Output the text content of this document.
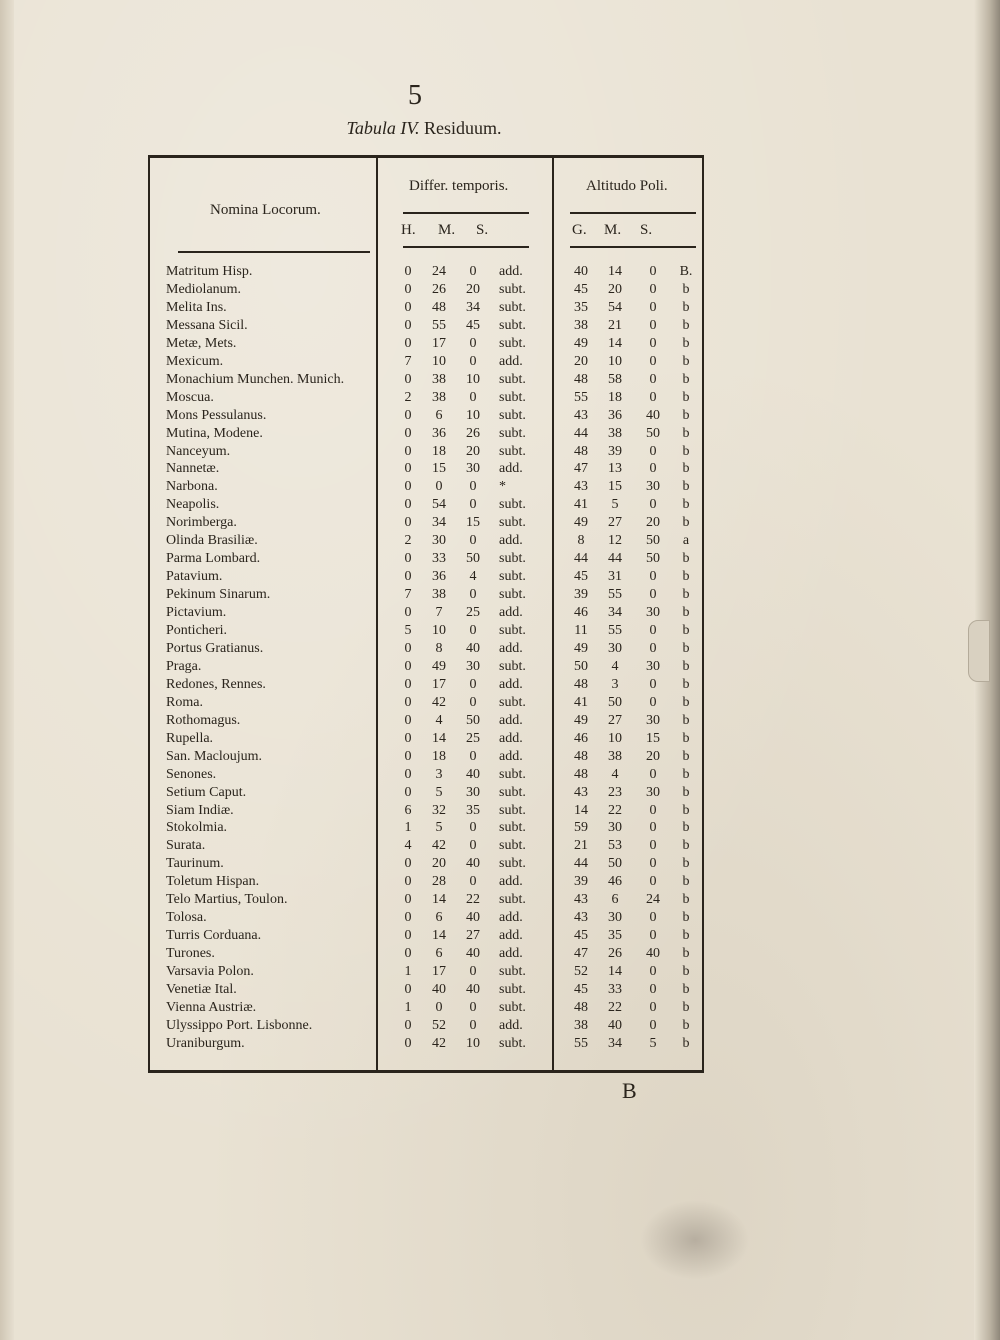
5
Tabula IV. Residuum.
Nomina Locorum.
Differ. temporis.	Altitudo Poli.
H. M. S.	G. M. S.
Matritum Hisp.	0	24	0	add.	40	14	0	B.
Mediolanum.	0	26	20	subt.	45	20	0	b
Melita Ins.	0	48	34	subt.	35	54	0	b
Messana Sicil.	0	55	45	subt.	38	21	0	b
Metæ, Mets.	0	17	0	subt.	49	14	0	b
Mexicum.	7	10	0	add.	20	10	0	b
Monachium Munchen. Munich.	0	38	10	subt.	48	58	0	b
Moscua.	2	38	0	subt.	55	18	0	b
Mons Pessulanus.	0	6	10	subt.	43	36	40	b
Mutina, Modene.	0	36	26	subt.	44	38	50	b
Nanceyum.	0	18	20	subt.	48	39	0	b
Nannetæ.	0	15	30	add.	47	13	0	b
Narbona.	0	0	0	*	43	15	30	b
Neapolis.	0	54	0	subt.	41	5	0	b
Norimberga.	0	34	15	subt.	49	27	20	b
Olinda Brasiliæ.	2	30	0	add.	8	12	50	a
Parma Lombard.	0	33	50	subt.	44	44	50	b
Patavium.	0	36	4	subt.	45	31	0	b
Pekinum Sinarum.	7	38	0	subt.	39	55	0	b
Pictavium.	0	7	25	add.	46	34	30	b
Ponticheri.	5	10	0	subt.	11	55	0	b
Portus Gratianus.	0	8	40	add.	49	30	0	b
Praga.	0	49	30	subt.	50	4	30	b
Redones, Rennes.	0	17	0	add.	48	3	0	b
Roma.	0	42	0	subt.	41	50	0	b
Rothomagus.	0	4	50	add.	49	27	30	b
Rupella.	0	14	25	add.	46	10	15	b
San. Macloujum.	0	18	0	add.	48	38	20	b
Senones.	0	3	40	subt.	48	4	0	b
Setium Caput.	0	5	30	subt.	43	23	30	b
Siam Indiæ.	6	32	35	subt.	14	22	0	b
Stokolmia.	1	5	0	subt.	59	30	0	b
Surata.	4	42	0	subt.	21	53	0	b
Taurinum.	0	20	40	subt.	44	50	0	b
Toletum Hispan.	0	28	0	add.	39	46	0	b
Telo Martius, Toulon.	0	14	22	subt.	43	6	24	b
Tolosa.	0	6	40	add.	43	30	0	b
Turris Corduana.	0	14	27	add.	45	35	0	b
Turones.	0	6	40	add.	47	26	40	b
Varsavia Polon.	1	17	0	subt.	52	14	0	b
Venetiæ Ital.	0	40	40	subt.	45	33	0	b
Vienna Austriæ.	1	0	0	subt.	48	22	0	b
Ulyssippo Port. Lisbonne.	0	52	0	add.	38	40	0	b
Uraniburgum.	0	42	10	subt.	55	34	5	b
B
